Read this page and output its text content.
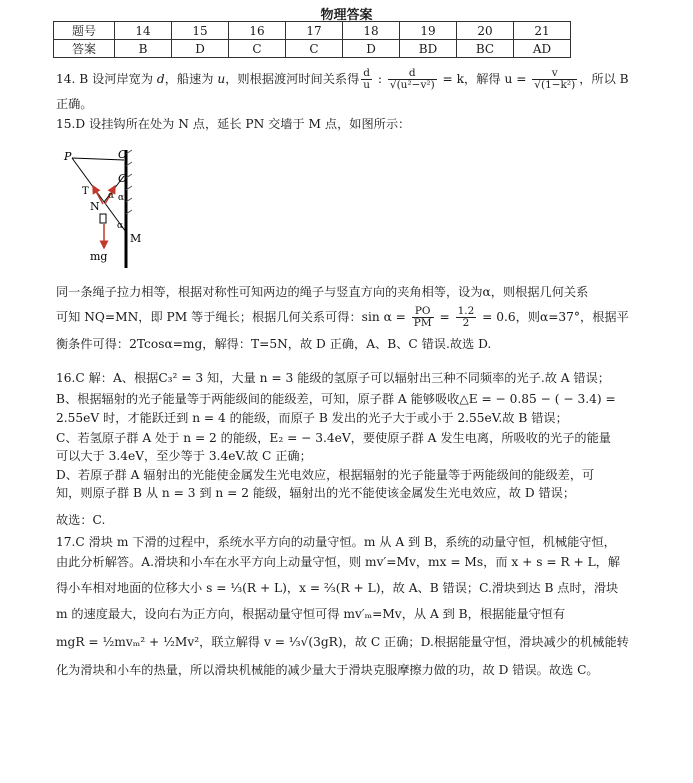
物理答案
题号	14	15	16	17	18	19	20	21
答案	B	D	C	C	D	BD	BC	AD
14. B 设河岸宽为 d，船速为 u，则根据渡河时间关系得 $\frac{d}{u}$ : $\frac{d}{\text{√(u²−v²)}} = k$，解得 $u = \frac{v}{\text{√(1−k²)}}$ ，所以 B
正确。
15.D 设挂钩所在处为 N 点，延长 PN 交墙于 M 点，如图所示：
P	O
O
T
N
α α
α
M
mg
同一条绳子拉力相等，根据对称性可知两边的绳子与竖直方向的夹角相等，设为α，则根据几何关系
可知 NQ=MN，即 PM 等于绳长；根据几何关系可得：$\sin \alpha = \frac{PO}{PM} = \frac{1.2}{2} = 0.6$，则α=37°，根据平
衡条件可得：2Tcosα=mg，解得：T=5N，故 D 正确，A、B、C 错误.故选 D.
16.C 解：A、根据C₃² = 3 知，大量 n = 3 能级的氢原子可以辐射出三种不同频率的光子.故 A 错误；
B、根据辐射的光子能量等于两能级间的能级差，可知，原子群 A 能够吸收△E = − 0.85 − ( − 3.4) =
2.55eV 时，才能跃迁到 n = 4 的能级，而原子 B 发出的光子大于或小于 2.55eV.故 B 错误；
C、若氢原子群 A 处于 n = 2 的能级，E₂ = − 3.4eV，要使原子群 A 发生电离，所吸收的光子的能量
可以大于 3.4eV，至少等于 3.4eV.故 C 正确；
D、若原子群 A 辐射出的光能使金属发生光电效应，根据辐射的光子能量等于两能级间的能级差，可
知，则原子群 B 从 n = 3 到 n = 2 能级，辐射出的光不能使该金属发生光电效应，故 D 错误；
故选：C.
17.C 滑块 m 下滑的过程中，系统水平方向的动量守恒。m 从 A 到 B，系统的动量守恒，机械能守恒，
由此分析解答。A.滑块和小车在水平方向上动量守恒，则 mv′=Mv，mx = Ms，而 x + s = R + L，解
得小车相对地面的位移大小 s = ⅓(R + L)，x = ⅔(R + L)，故 A、B 错误；C.滑块到达 B 点时，滑块
m 的速度最大，设向右为正方向，根据动量守恒可得 mv′ₘ=Mv，从 A 到 B，根据能量守恒有
mgR = ½mvₘ² + ½Mv²，联立解得 v = ⅓√(3gR)，故 C 正确；D.根据能量守恒，滑块减少的机械能转
化为滑块和小车的热量，所以滑块机械能的减少量大于滑块克服摩擦力做的功，故 D 错误。故选 C。
